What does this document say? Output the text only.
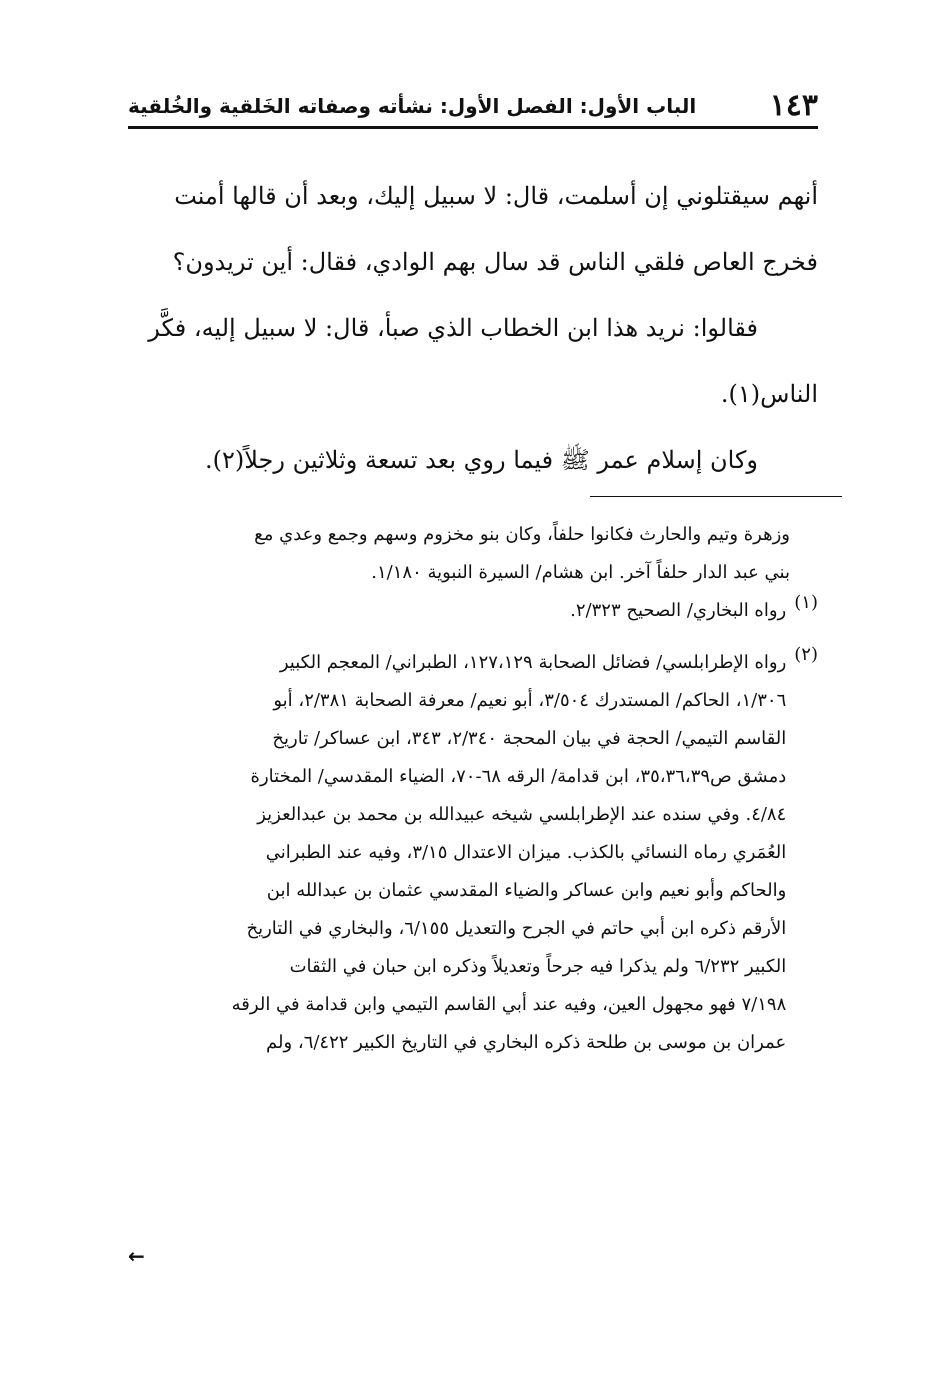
١٤٣
الباب الأول: الفصل الأول: نشأته وصفاته الخَلقية والخُلقية

أنهم سيقتلوني إن أسلمت، قال: لا سبيل إليك، وبعد أن قالها أمنت

فخرج العاص فلقي الناس قد سال بهم الوادي، فقال: أين تريدون؟

فقالوا: نريد هذا ابن الخطاب الذي صبأ، قال: لا سبيل إليه، فكَّر

الناس(١).

وكان إسلام عمر ﷺ فيما روي بعد تسعة وثلاثين رجلاً(٢).

وزهرة وتيم والحارث فكانوا حلفاً، وكان بنو مخزوم وسهم وجمع وعدي مع

بني عبد الدار حلفاً آخر. ابن هشام/ السيرة النبوية ١/١٨٠.

(١)

رواه البخاري/ الصحيح ٢/٣٢٣.

(٢)

رواه الإطرابلسي/ فضائل الصحابة ١٢٧،١٢٩، الطبراني/ المعجم الكبير

١/٣٠٦، الحاكم/ المستدرك ٣/٥٠٤، أبو نعيم/ معرفة الصحابة ٢/٣٨١، أبو

القاسم التيمي/ الحجة في بيان المحجة ٢/٣٤٠، ٣٤٣، ابن عساكر/ تاريخ

دمشق ص٣٥،٣٦،٣٩، ابن قدامة/ الرقه ٦٨-٧٠، الضياء المقدسي/ المختارة

٤/٨٤. وفي سنده عند الإطرابلسي شيخه عبيدالله بن محمد بن عبدالعزيز

العُمَري رماه النسائي بالكذب. ميزان الاعتدال ٣/١٥، وفيه عند الطبراني

والحاكم وأبو نعيم وابن عساكر والضياء المقدسي عثمان بن عبدالله ابن

الأرقم ذكره ابن أبي حاتم في الجرح والتعديل ٦/١٥٥، والبخاري في التاريخ

الكبير ٦/٢٣٢ ولم يذكرا فيه جرحاً وتعديلاً وذكره ابن حبان في الثقات

٧/١٩٨ فهو مجهول العين، وفيه عند أبي القاسم التيمي وابن قدامة في الرقه

عمران بن موسى بن طلحة ذكره البخاري في التاريخ الكبير ٦/٤٢٢، ولم

←
